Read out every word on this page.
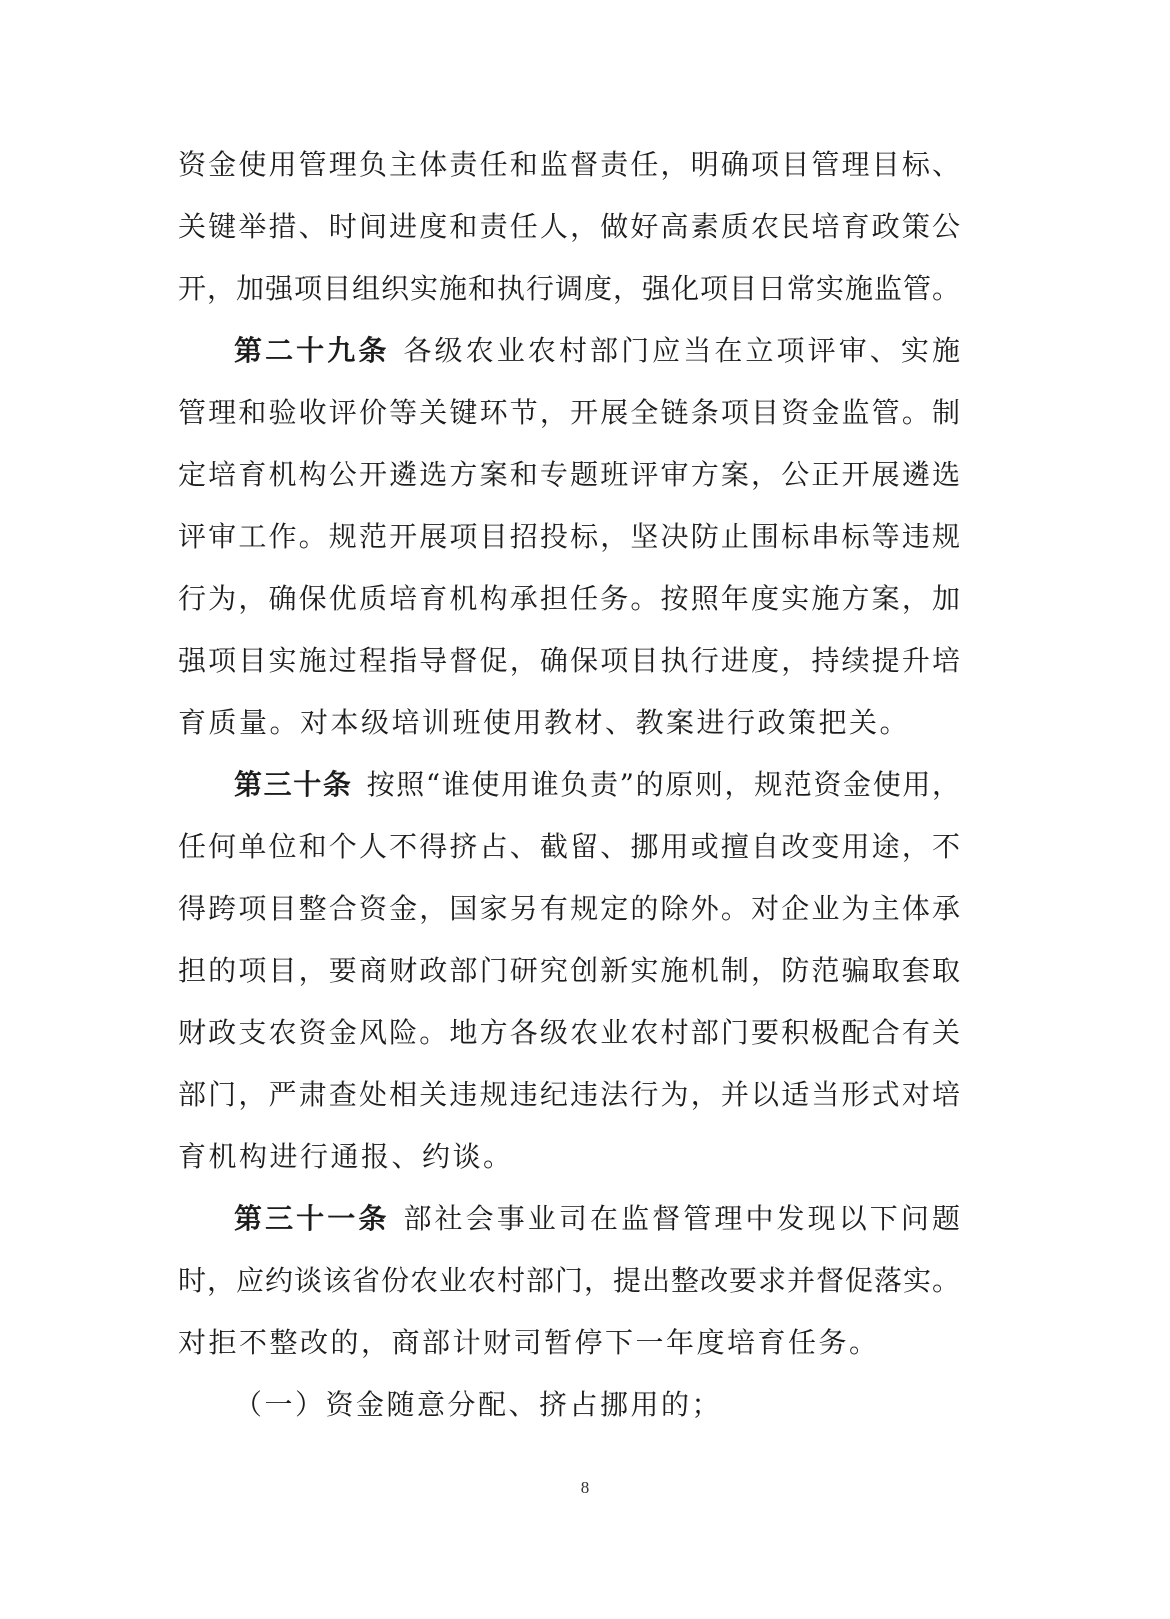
资金使用管理负主体责任和监督责任，明确项目管理目标、
关键举措、时间进度和责任人，做好高素质农民培育政策公
开，加强项目组织实施和执行调度，强化项目日常实施监管。
第二十九条 各级农业农村部门应当在立项评审、实施
管理和验收评价等关键环节，开展全链条项目资金监管。制
定培育机构公开遴选方案和专题班评审方案，公正开展遴选
评审工作。规范开展项目招投标，坚决防止围标串标等违规
行为，确保优质培育机构承担任务。按照年度实施方案，加
强项目实施过程指导督促，确保项目执行进度，持续提升培
育质量。对本级培训班使用教材、教案进行政策把关。
第三十条 按照“谁使用谁负责”的原则，规范资金使用，
任何单位和个人不得挤占、截留、挪用或擅自改变用途，不
得跨项目整合资金，国家另有规定的除外。对企业为主体承
担的项目，要商财政部门研究创新实施机制，防范骗取套取
财政支农资金风险。地方各级农业农村部门要积极配合有关
部门，严肃查处相关违规违纪违法行为，并以适当形式对培
育机构进行通报、约谈。
第三十一条 部社会事业司在监督管理中发现以下问题
时，应约谈该省份农业农村部门，提出整改要求并督促落实。
对拒不整改的，商部计财司暂停下一年度培育任务。
（一）资金随意分配、挤占挪用的；
8
